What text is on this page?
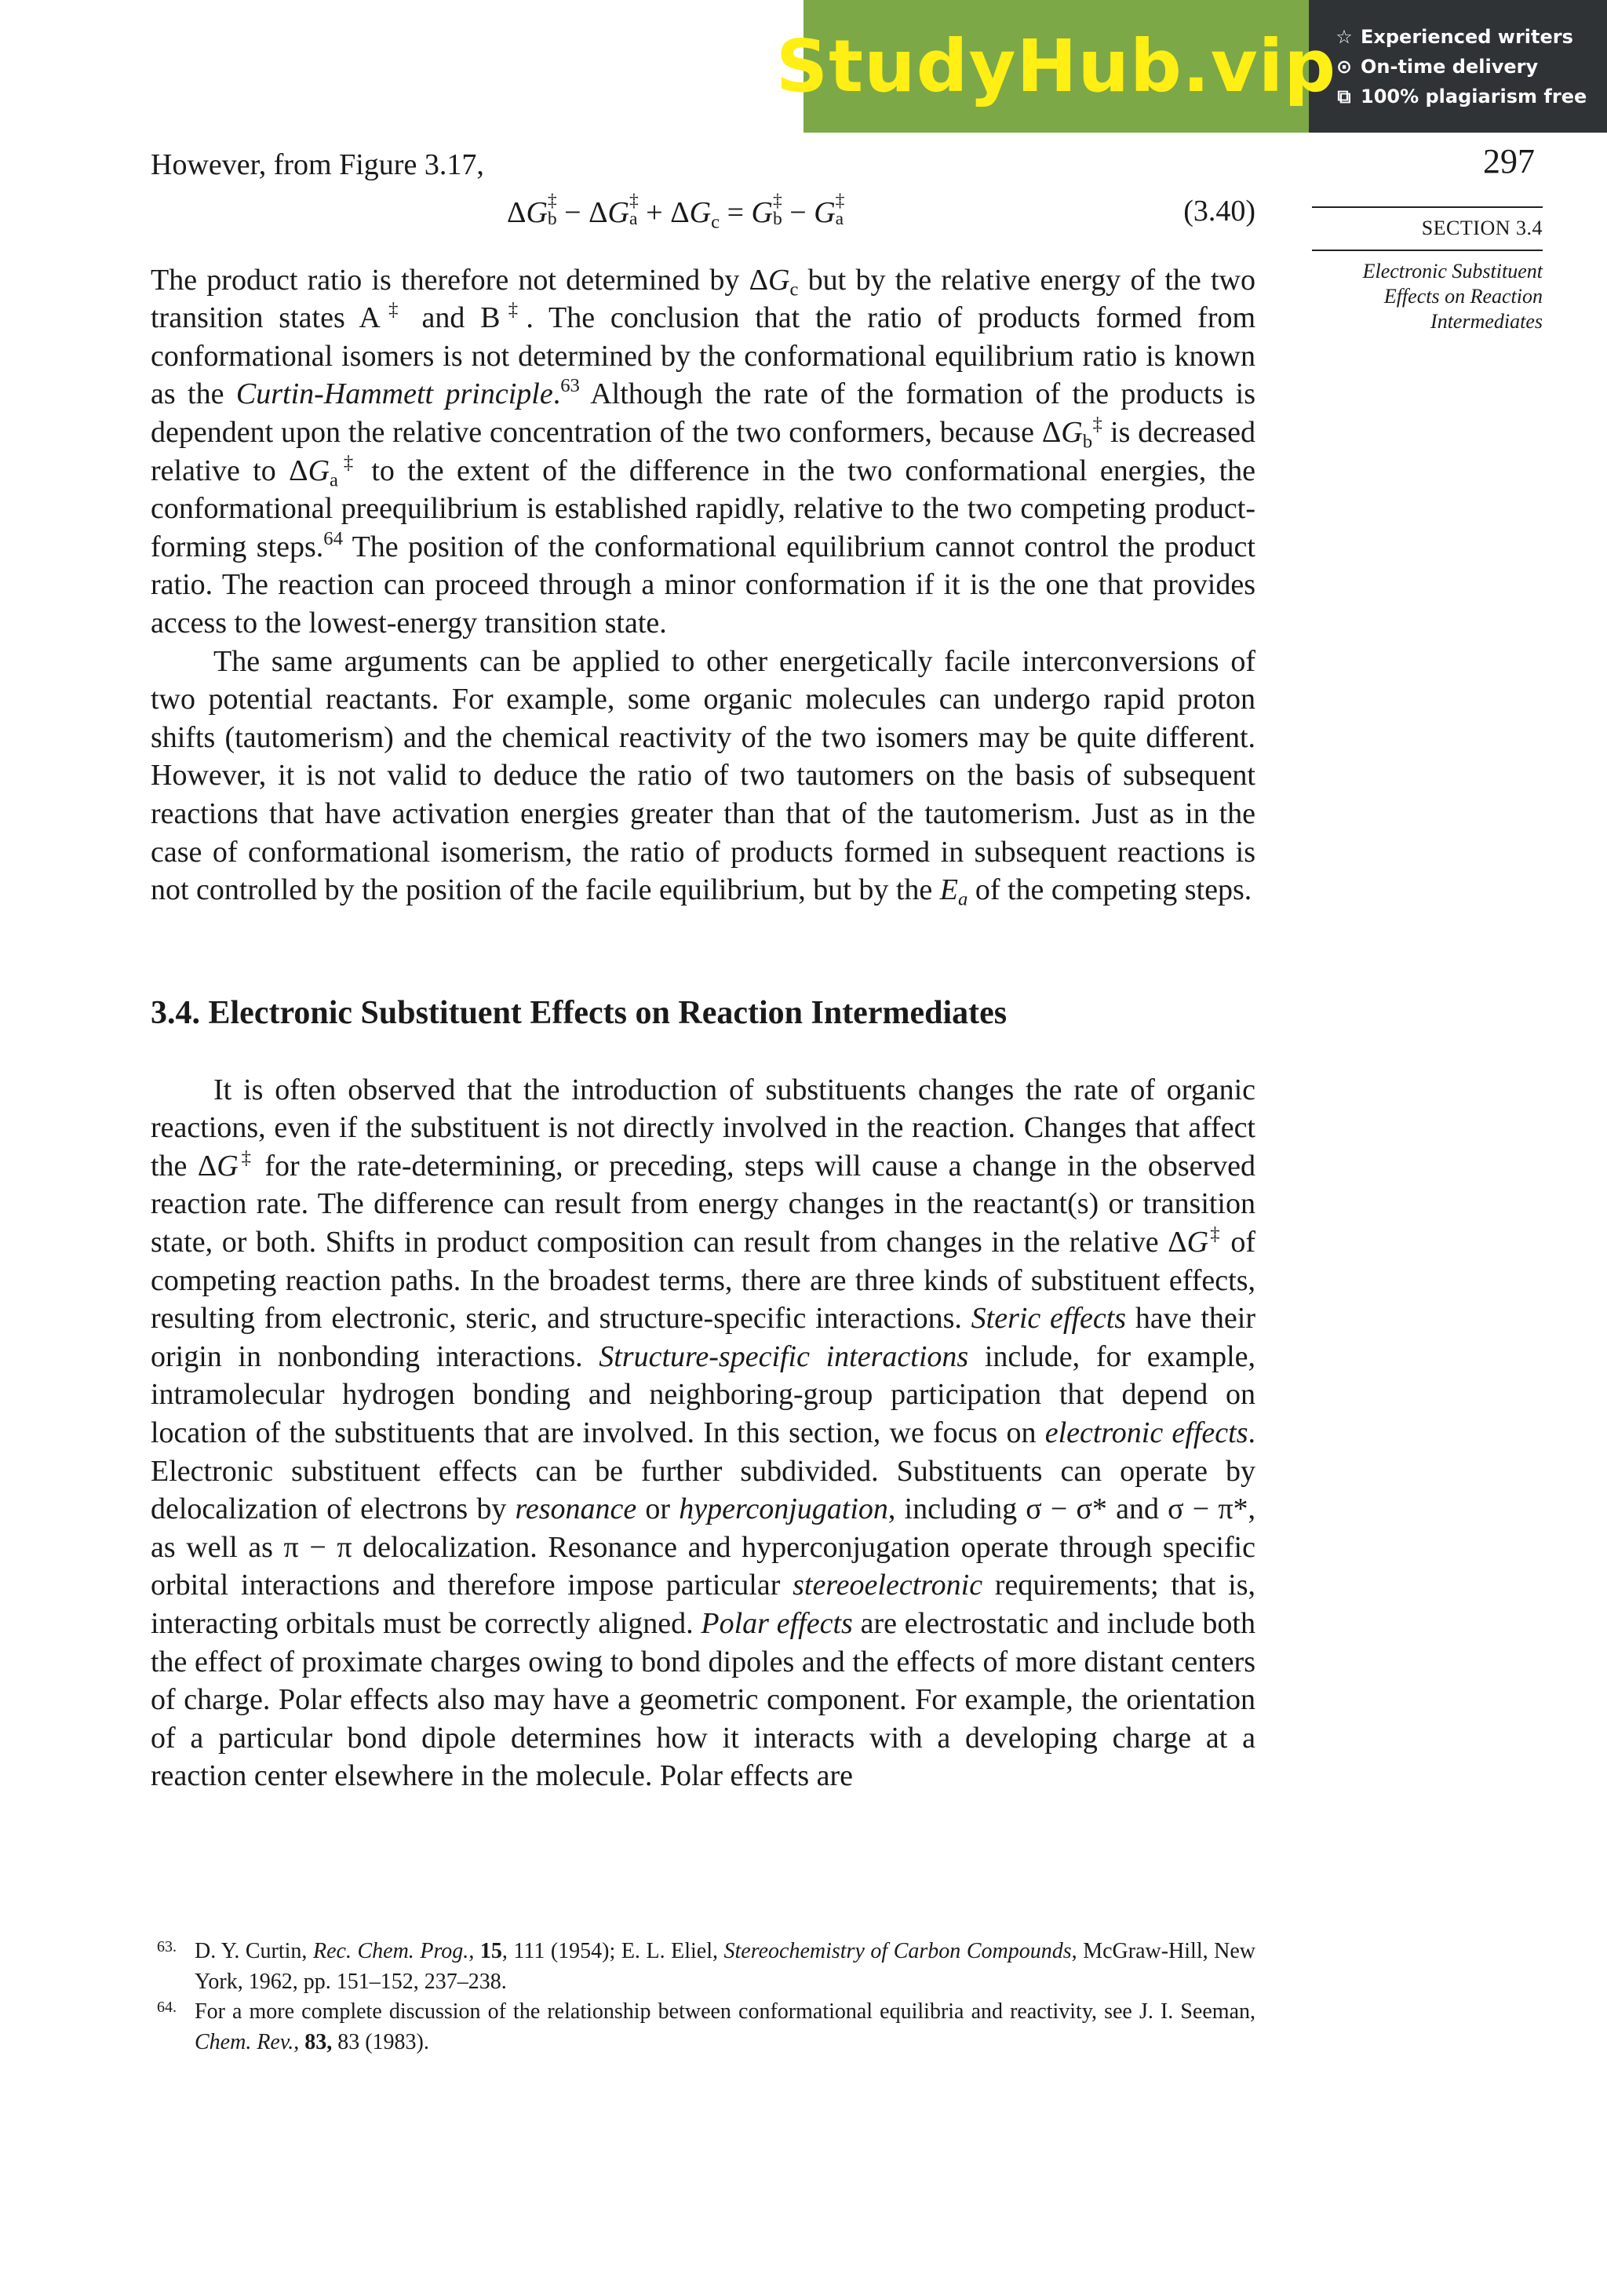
StudyHub.vip ☆ Experienced writers
⊙ On-time delivery
⧉ 100% plagiarism free
297
SECTION 3.4
Electronic Substituent
Effects on Reaction
Intermediates

However, from Figure 3.17,

ΔG ‡
b − ΔG ‡
$a + \Delta G_c = G$ ‡
b − G ‡
a	(3.40)

The product ratio is therefore not determined by $\Delta G_c$ but by the relative energy of the two transition states A‡ and B‡. The conclusion that the ratio of products formed from conformational isomers is not determined by the conformational equilibrium ratio is known as the Curtin-Hammett principle.$^{63}$ Although the rate of the formation of the products is dependent upon the relative concentration of the two conformers, because $\Delta G_b^\ddagger$ is decreased relative to $\Delta G_a^\ddagger$ to the extent of the difference in the two conformational energies, the conformational preequilibrium is established rapidly, relative to the two competing product-forming steps.$^{64}$ The position of the conformational equilibrium cannot control the product ratio. The reaction can proceed through a minor conformation if it is the one that provides access to the lowest-energy transition state.

The same arguments can be applied to other energetically facile interconversions of two potential reactants. For example, some organic molecules can undergo rapid proton shifts (tautomerism) and the chemical reactivity of the two isomers may be quite different. However, it is not valid to deduce the ratio of two tautomers on the basis of subsequent reactions that have activation energies greater than that of the tautomerism. Just as in the case of conformational isomerism, the ratio of products formed in subsequent reactions is not controlled by the position of the facile equilibrium, but by the $E_a$ of the competing steps.

3.4. Electronic Substituent Effects on Reaction Intermediates

It is often observed that the introduction of substituents changes the rate of organic reactions, even if the substituent is not directly involved in the reaction. Changes that affect the ΔG‡ for the rate-determining, or preceding, steps will cause a change in the observed reaction rate. The difference can result from energy changes in the reactant(s) or transition state, or both. Shifts in product composition can result from changes in the relative ΔG‡ of competing reaction paths. In the broadest terms, there are three kinds of substituent effects, resulting from electronic, steric, and structure-specific interactions. Steric effects have their origin in nonbonding interactions. Structure-specific interactions include, for example, intramolecular hydrogen bonding and neighboring-group participation that depend on location of the substituents that are involved. In this section, we focus on electronic effects. Electronic substituent effects can be further subdivided. Substituents can operate by delocalization of electrons by resonance or hyperconjugation, including σ − σ* and σ − π*, as well as π − π delocalization. Resonance and hyperconjugation operate through specific orbital interactions and therefore impose particular stereoelectronic requirements; that is, interacting orbitals must be correctly aligned. Polar effects are electrostatic and include both the effect of proximate charges owing to bond dipoles and the effects of more distant centers of charge. Polar effects also may have a geometric component. For example, the orientation of a particular bond dipole determines how it interacts with a developing charge at a reaction center elsewhere in the molecule. Polar effects are

63. D. Y. Curtin, Rec. Chem. Prog., 15, 111 (1954); E. L. Eliel, Stereochemistry of Carbon Compounds, McGraw-Hill, New York, 1962, pp. 151–152, 237–238.
64. For a more complete discussion of the relationship between conformational equilibria and reactivity, see J. I. Seeman, Chem. Rev., 83, 83 (1983).
